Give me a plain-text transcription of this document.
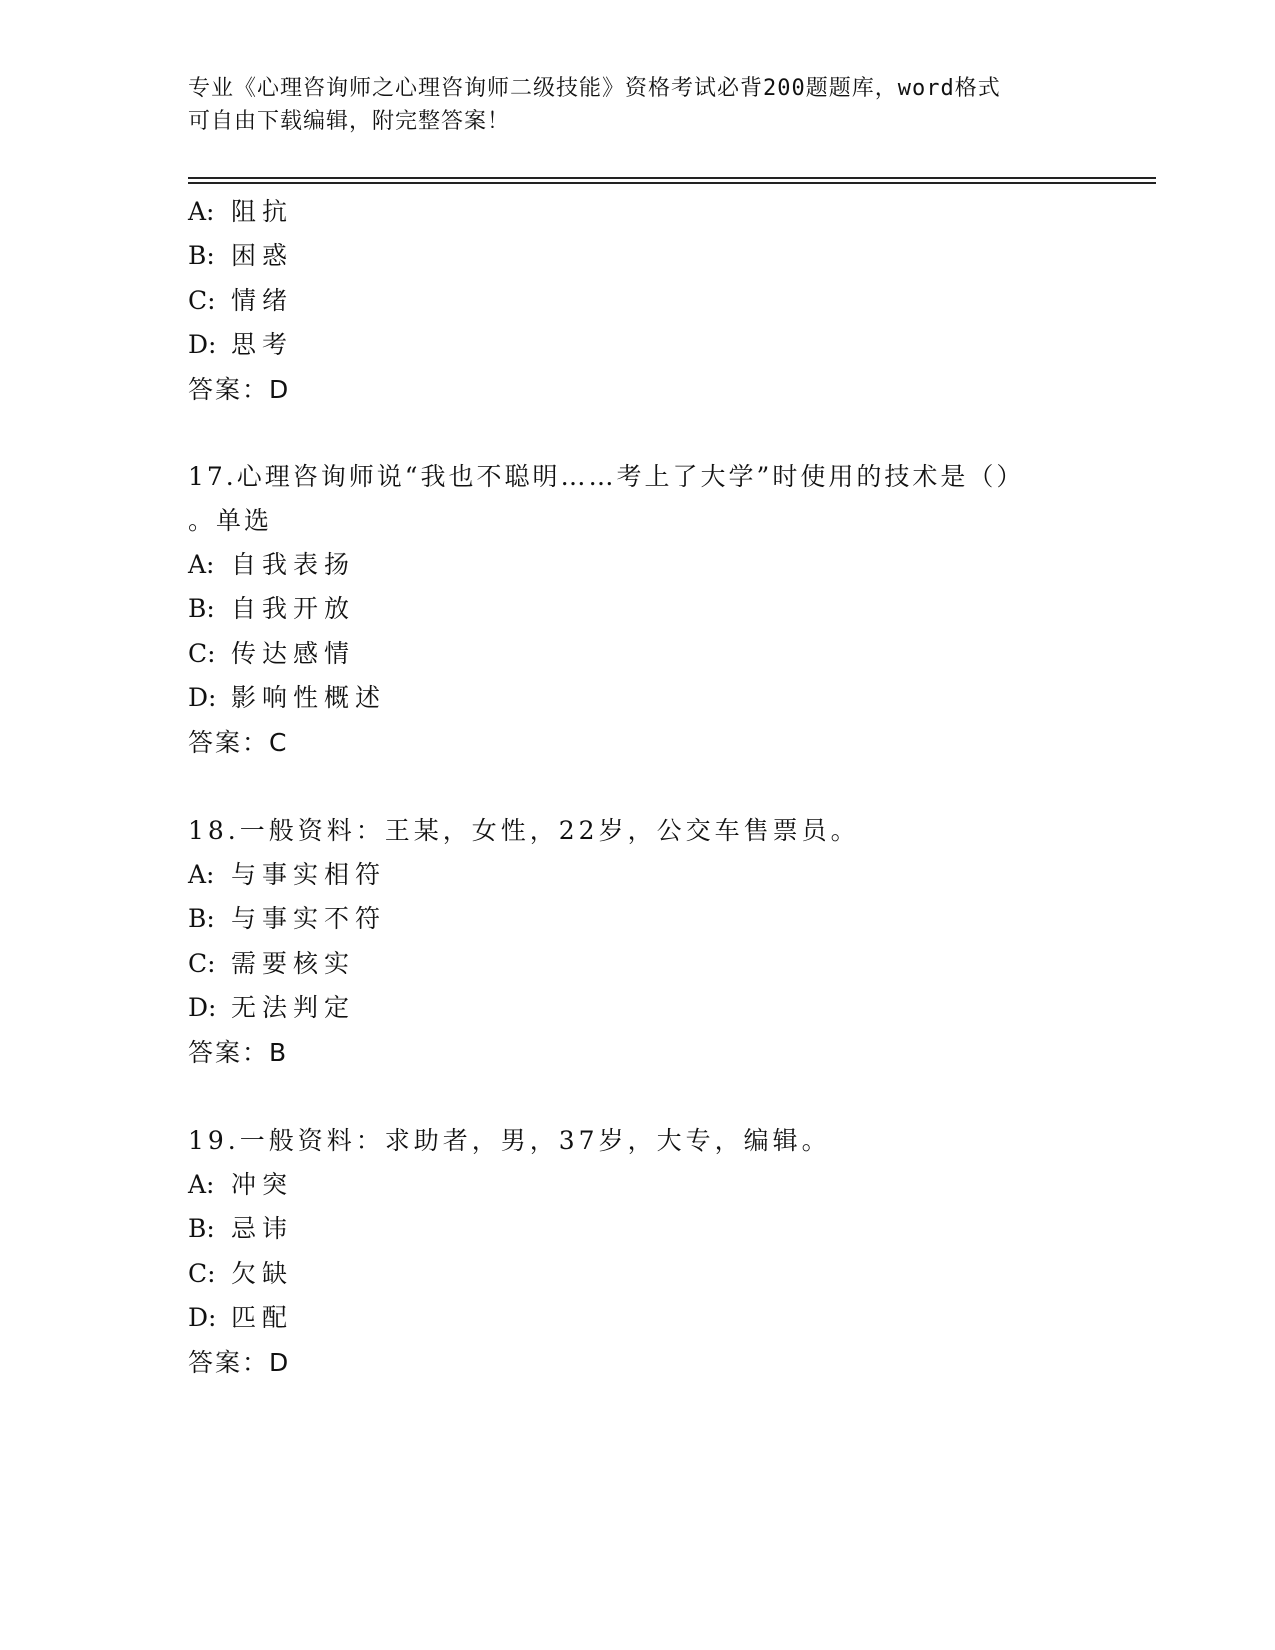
专业《心理咨询师之心理咨询师二级技能》资格考试必背200题题库，word格式
可自由下载编辑，附完整答案！
A: 阻抗
B: 困惑
C: 情绪
D: 思考
答案：D
17.心理咨询师说“我也不聪明……考上了大学”时使用的技术是（）
。单选
A: 自我表扬
B: 自我开放
C: 传达感情
D: 影响性概述
答案：C
18.一般资料：王某，女性，22岁，公交车售票员。
A: 与事实相符
B: 与事实不符
C: 需要核实
D: 无法判定
答案：B
19.一般资料：求助者，男，37岁，大专，编辑。
A: 冲突
B: 忌讳
C: 欠缺
D: 匹配
答案：D
